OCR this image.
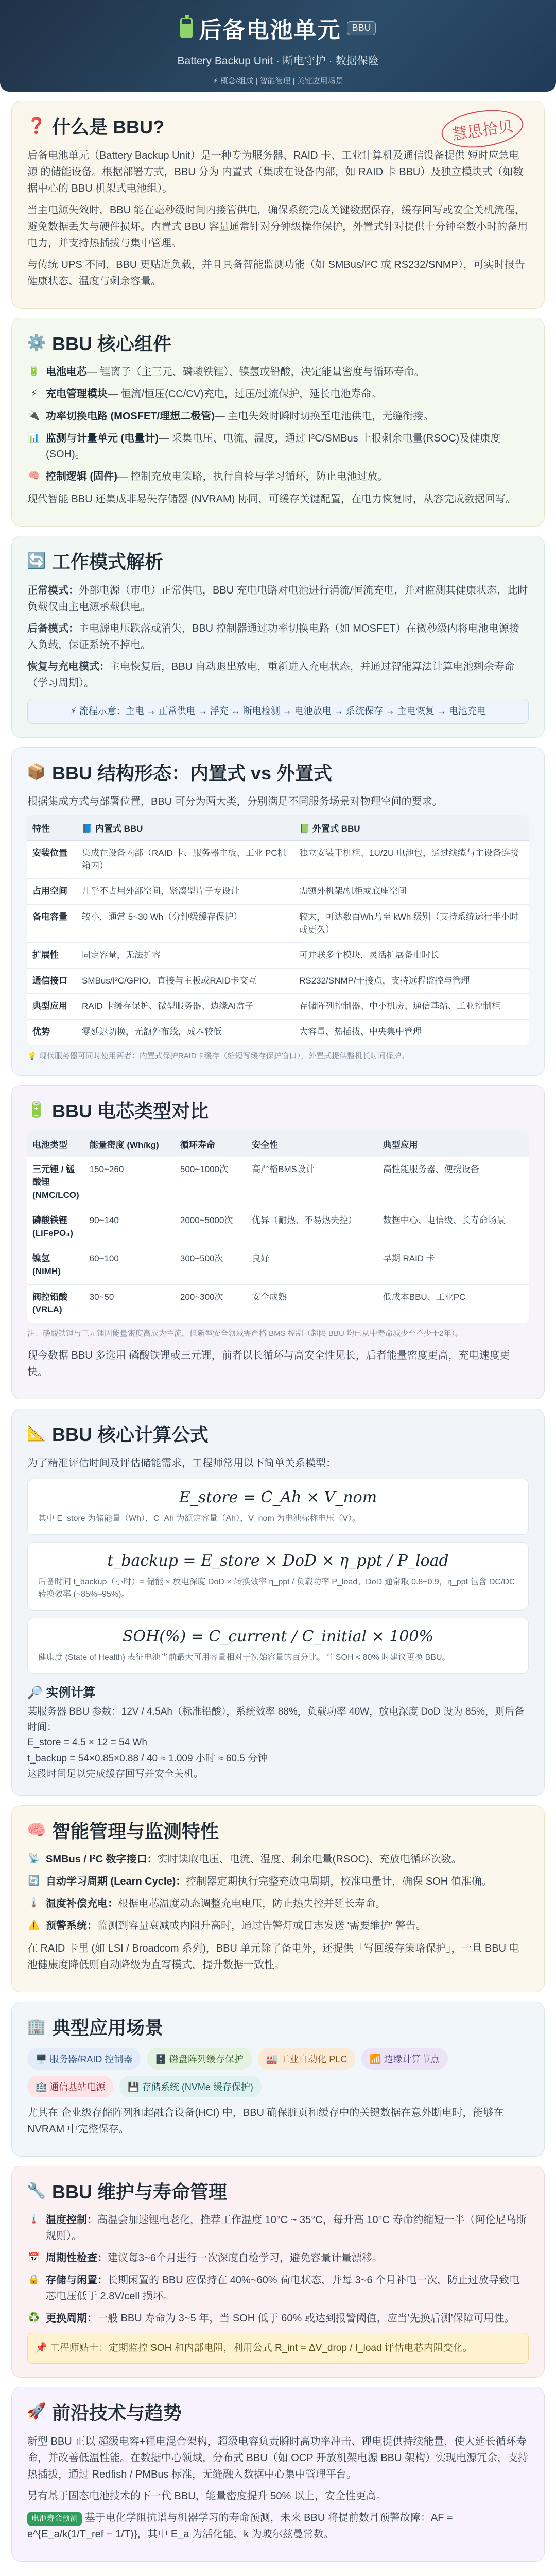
后备电池单元	BBU
Battery Backup Unit · 断电守护 · 数据保险
⚡ 概念/组成 | 智能管理 | 关键应用场景
慧思拾贝
❓ 什么是 BBU?

后备电池单元（Battery Backup Unit）是一种专为服务器、RAID 卡、工业计算机及通信设备提供 短时应急电源 的储能设备。根据部署方式，BBU 分为 内置式（集成在设备内部，如 RAID 卡 BBU）及独立模块式（如数据中心的 BBU 机架式电池组）。

当主电源失效时，BBU 能在毫秒级时间内接管供电，确保系统完成关键数据保存，缓存回写或安全关机流程，避免数据丢失与硬件损坏。内置式 BBU 容量通常针对分钟级操作保护，外置式针对提供十分钟至数小时的备用电力，并支持热插拔与集中管理。

与传统 UPS 不同，BBU 更贴近负载，并且具备智能监测功能（如 SMBus/I²C 或 RS232/SNMP），可实时报告健康状态、温度与剩余容量。

⚙️ BBU 核心组件
🔋 电池电芯— 锂离子（主三元、磷酸铁锂）、镍氢或铅酸，决定能量密度与循环寿命。
⚡ 充电管理模块— 恒流/恒压(CC/CV)充电，过压/过流保护，延长电池寿命。
🔌 功率切换电路 (MOSFET/理想二极管)— 主电失效时瞬时切换至电池供电，无缝衔接。
📊 监测与计量单元 (电量计)— 采集电压、电流、温度，通过 I²C/SMBus 上报剩余电量(RSOC)及健康度(SOH)。
🧠 控制逻辑 (固件)— 控制充放电策略，执行自检与学习循环，防止电池过放。

现代智能 BBU 还集成非易失存储器 (NVRAM) 协同，可缓存关键配置，在电力恢复时，从容完成数据回写。

🔄 工作模式解析

正常模式：外部电源（市电）正常供电，BBU 充电电路对电池进行涓流/恒流充电，并对监测其健康状态，此时负载仅由主电源承载供电。

后备模式：主电源电压跌落或消失，BBU 控制器通过功率切换电路（如 MOSFET）在微秒级内将电池电源接入负载，保证系统不掉电。

恢复与充电模式：主电恢复后，BBU 自动退出放电，重新进入充电状态，并通过智能算法计算电池剩余寿命（学习周期）。

⚡ 流程示意：主电 → 正常供电 → 浮充 ↔ 断电检测 → 电池放电 → 系统保存 → 主电恢复 → 电池充电
📦 BBU 结构形态：内置式 vs 外置式

根据集成方式与部署位置，BBU 可分为两大类，分别满足不同服务场景对物理空间的要求。

特性	📘 内置式 BBU	📗 外置式 BBU
安装位置	集成在设备内部（RAID 卡、服务器主板、工业 PC机箱内）	独立安装于机柜、1U/2U 电池包，通过线缆与主设备连接
占用空间	几乎不占用外部空间，紧凑型片子专设计	需额外机架/机柜或底座空间
备电容量	较小，通常 5~30 Wh（分钟级缓存保护）	较大，可达数百Wh乃至 kWh 级别（支持系统运行半小时或更久）
扩展性	固定容量，无法扩容	可并联多个模块，灵活扩展备电时长
通信接口	SMBus/I²C/GPIO，直接与主板或RAID卡交互	RS232/SNMP/干接点，支持远程监控与管理
典型应用	RAID 卡缓存保护、微型服务器、边缘AI盒子	存储阵列控制器、中小机房、通信基站、工业控制柜
优势	零延迟切换，无额外布线，成本较低	大容量、热插拔、中央集中管理
💡 现代服务器可同时使用两者：内置式保护RAID卡缓存（缩短写缓存保护窗口），外置式提供整机长时间保护。
🔋 BBU 电芯类型对比
电池类型	能量密度 (Wh/kg)	循环寿命	安全性	典型应用
三元锂 / 锰酸锂 (NMC/LCO)	150~260	500~1000次	高严格BMS设计	高性能服务器、便携设备
磷酸铁锂 (LiFePO₄)	90~140	2000~5000次	优异（耐热、不易热失控）	数据中心、电信级、长寿命场景
镍氢 (NiMH)	60~100	300~500次	良好	早期 RAID 卡
阀控铅酸 (VRLA)	30~50	200~300次	安全成熟	低成本BBU、工业PC
注：磷酸铁锂与三元锂因能量密度高成为主流，但新型安全领域需严格 BMS 控制（超限 BBU 均已从中寿命减少至不少于2年）。

现今数据 BBU 多选用 磷酸铁锂或三元锂，前者以长循环与高安全性见长，后者能量密度更高，充电速度更快。

📐 BBU 核心计算公式

为了精准评估时间及评估储能需求，工程师常用以下简单关系模型：

E_store = C_Ah × V_nom
其中 E_store 为储能量（Wh），C_Ah 为额定容量（Ah），V_nom 为电池标称电压（V）。
t_backup = E_store × DoD × η_ppt / P_load
后备时间 t_backup（小时）= 储能 × 放电深度 DoD × 转换效率 η_ppt / 负载功率 P_load。DoD 通常取 0.8~0.9，η_ppt 包含 DC/DC 转换效率 (~85%–95%)。
SOH(%) = C_current / C_initial × 100%
健康度 (State of Health) 表征电池当前最大可用容量相对于初始容量的百分比。当 SOH < 80% 时建议更换 BBU。
🔎 实例计算

某服务器 BBU 参数：12V / 4.5Ah（标准铅酸），系统效率 88%，负载功率 40W，放电深度 DoD 设为 85%，则后备时间：

E_store = 4.5 × 12 = 54 Wh

t_backup = 54×0.85×0.88 / 40 ≈ 1.009 小时 ≈ 60.5 分钟

这段时间足以完成缓存回写并安全关机。

🧠 智能管理与监测特性
📡 SMBus / I²C 数字接口：实时读取电压、电流、温度、剩余电量(RSOC)、充放电循环次数。
🔄 自动学习周期 (Learn Cycle)：控制器定期执行完整充放电周期，校准电量计，确保 SOH 值准确。
🌡️ 温度补偿充电：根据电芯温度动态调整充电电压，防止热失控并延长寿命。
⚠️ 预警系统：监测到容量衰减或内阻升高时，通过告警灯或日志发送 '需要维护' 警告。

在 RAID 卡里 (如 LSI / Broadcom 系列)，BBU 单元除了备电外，还提供「写回缓存策略保护」，一旦 BBU 电池健康度降低则自动降级为直写模式，提升数据一致性。

🏢 典型应用场景
🖥️ 服务器/RAID 控制器	🗄️ 磁盘阵列缓存保护	🏭 工业自动化 PLC	📶 边缘计算节点
🏥 通信基站电源	💾 存储系统 (NVMe 缓存保护)

尤其在 企业级存储阵列和超融合设备(HCI) 中，BBU 确保脏页和缓存中的关键数据在意外断电时，能够在 NVRAM 中完整保存。

🔧 BBU 维护与寿命管理
🌡️ 温度控制：高温会加速锂电老化，推荐工作温度 10°C ~ 35°C，每升高 10°C 寿命约缩短一半（阿伦尼乌斯规则）。
📅 周期性检查：建议每3~6个月进行一次深度自检学习，避免容量计量漂移。
🔒 存储与闲置：长期闲置的 BBU 应保持在 40%~60% 荷电状态，并每 3~6 个月补电一次，防止过放导致电芯电压低于 2.8V/cell 损坏。
♻️ 更换周期：一般 BBU 寿命为 3~5 年，当 SOH 低于 60% 或达到报警阈值，应当'先换后测'保障可用性。
📌 工程师贴士：定期监控 SOH 和内部电阻，利用公式 R_int = ΔV_drop / I_load 评估电芯内阻变化。
🚀 前沿技术与趋势

新型 BBU 正以 超级电容+锂电混合架构，超级电容负责瞬时高功率冲击、锂电提供持续能量，使大延长循环寿命，并改善低温性能。在数据中心领域，分布式 BBU（如 OCP 开放机架电源 BBU 架构）实现电源冗余，支持热插拔，通过 Redfish / PMBus 标准，无缝融入数据中心集中管理平台。

另有基于固态电池技术的下一代 BBU，能量密度提升 50% 以上，安全性更高。

电池寿命预测 基于电化学阻抗谱与机器学习的寿命预测，未来 BBU 将提前数月预警故障：AF = e^{E_a/k(1/T_ref − 1/T)}，其中 E_a 为活化能，k 为玻尔兹曼常数。
